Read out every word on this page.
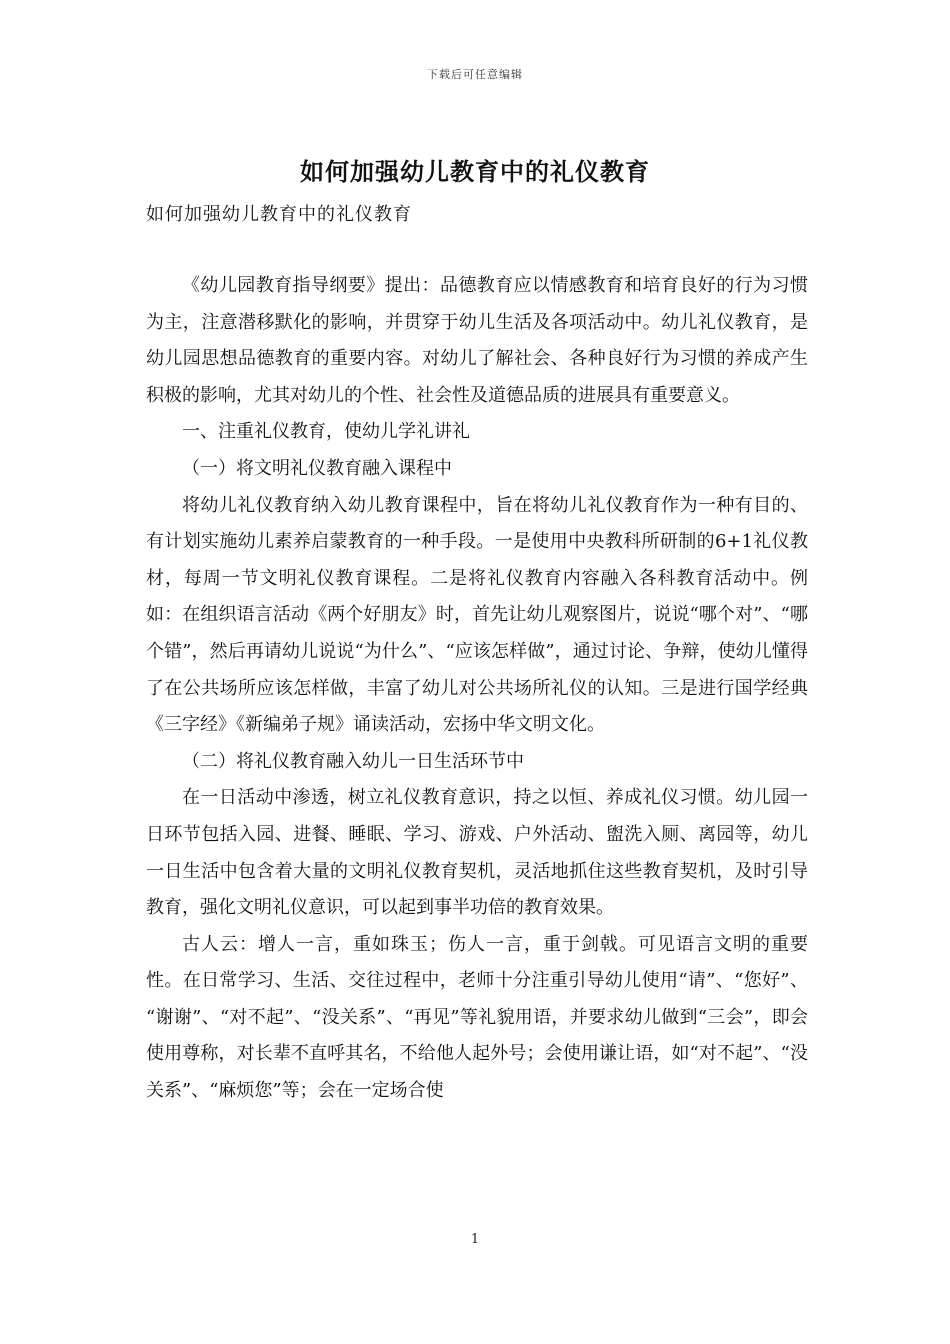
下载后可任意编辑
如何加强幼儿教育中的礼仪教育
如何加强幼儿教育中的礼仪教育

《幼儿园教育指导纲要》提出：品德教育应以情感教育和培育良好的行为习惯为主，注意潜移默化的影响，并贯穿于幼儿生活及各项活动中。幼儿礼仪教育，是幼儿园思想品德教育的重要内容。对幼儿了解社会、各种良好行为习惯的养成产生积极的影响，尤其对幼儿的个性、社会性及道德品质的进展具有重要意义。

一、注重礼仪教育，使幼儿学礼讲礼

（一）将文明礼仪教育融入课程中

将幼儿礼仪教育纳入幼儿教育课程中，旨在将幼儿礼仪教育作为一种有目的、有计划实施幼儿素养启蒙教育的一种手段。一是使用中央教科所研制的6+1礼仪教材，每周一节文明礼仪教育课程。二是将礼仪教育内容融入各科教育活动中。例如：在组织语言活动《两个好朋友》时，首先让幼儿观察图片，说说“哪个对”、“哪个错”，然后再请幼儿说说“为什么”、“应该怎样做”，通过讨论、争辩，使幼儿懂得了在公共场所应该怎样做，丰富了幼儿对公共场所礼仪的认知。三是进行国学经典《三字经》《新编弟子规》诵读活动，宏扬中华文明文化。

（二）将礼仪教育融入幼儿一日生活环节中

在一日活动中渗透，树立礼仪教育意识，持之以恒、养成礼仪习惯。幼儿园一日环节包括入园、进餐、睡眠、学习、游戏、户外活动、盥洗入厕、离园等，幼儿一日生活中包含着大量的文明礼仪教育契机，灵活地抓住这些教育契机，及时引导教育，强化文明礼仪意识，可以起到事半功倍的教育效果。

古人云：增人一言，重如珠玉；伤人一言，重于剑戟。可见语言文明的重要性。在日常学习、生活、交往过程中，老师十分注重引导幼儿使用“请”、“您好”、 “谢谢”、“对不起”、“没关系”、“再见”等礼貌用语，并要求幼儿做到“三会”，即会使用尊称，对长辈不直呼其名，不给他人起外号；会使用谦让语，如“对不起”、“没关系”、“麻烦您”等；会在一定场合使

1
